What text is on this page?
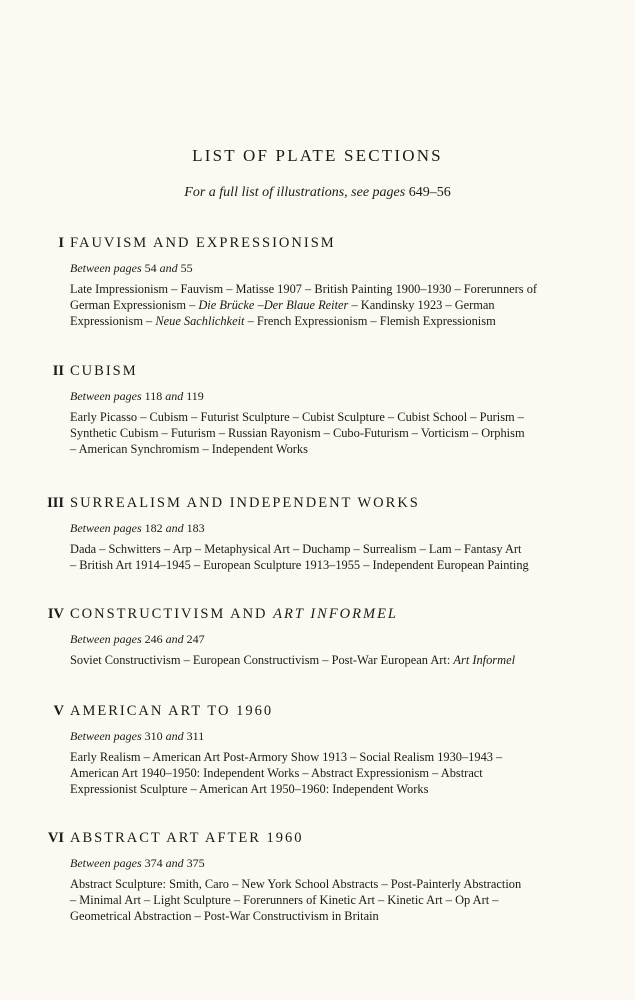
LIST OF PLATE SECTIONS
For a full list of illustrations, see pages 649–56
I FAUVISM AND EXPRESSIONISM
Between pages 54 and 55
Late Impressionism – Fauvism – Matisse 1907 – British Painting 1900–1930 – Forerunners of
German Expressionism – Die Brücke –Der Blaue Reiter – Kandinsky 1923 – German
Expressionism – Neue Sachlichkeit – French Expressionism – Flemish Expressionism
II CUBISM
Between pages 118 and 119
Early Picasso – Cubism – Futurist Sculpture – Cubist Sculpture – Cubist School – Purism –
Synthetic Cubism – Futurism – Russian Rayonism – Cubo-Futurism – Vorticism – Orphism
– American Synchromism – Independent Works
III SURREALISM AND INDEPENDENT WORKS
Between pages 182 and 183
Dada – Schwitters – Arp – Metaphysical Art – Duchamp – Surrealism – Lam – Fantasy Art
– British Art 1914–1945 – European Sculpture 1913–1955 – Independent European Painting
IV CONSTRUCTIVISM AND ART INFORMEL
Between pages 246 and 247
Soviet Constructivism – European Constructivism – Post-War European Art: Art Informel
V AMERICAN ART TO 1960
Between pages 310 and 311
Early Realism – American Art Post-Armory Show 1913 – Social Realism 1930–1943 –
American Art 1940–1950: Independent Works – Abstract Expressionism – Abstract
Expressionist Sculpture – American Art 1950–1960: Independent Works
VI ABSTRACT ART AFTER 1960
Between pages 374 and 375
Abstract Sculpture: Smith, Caro – New York School Abstracts – Post-Painterly Abstraction
– Minimal Art – Light Sculpture – Forerunners of Kinetic Art – Kinetic Art – Op Art –
Geometrical Abstraction – Post-War Constructivism in Britain
